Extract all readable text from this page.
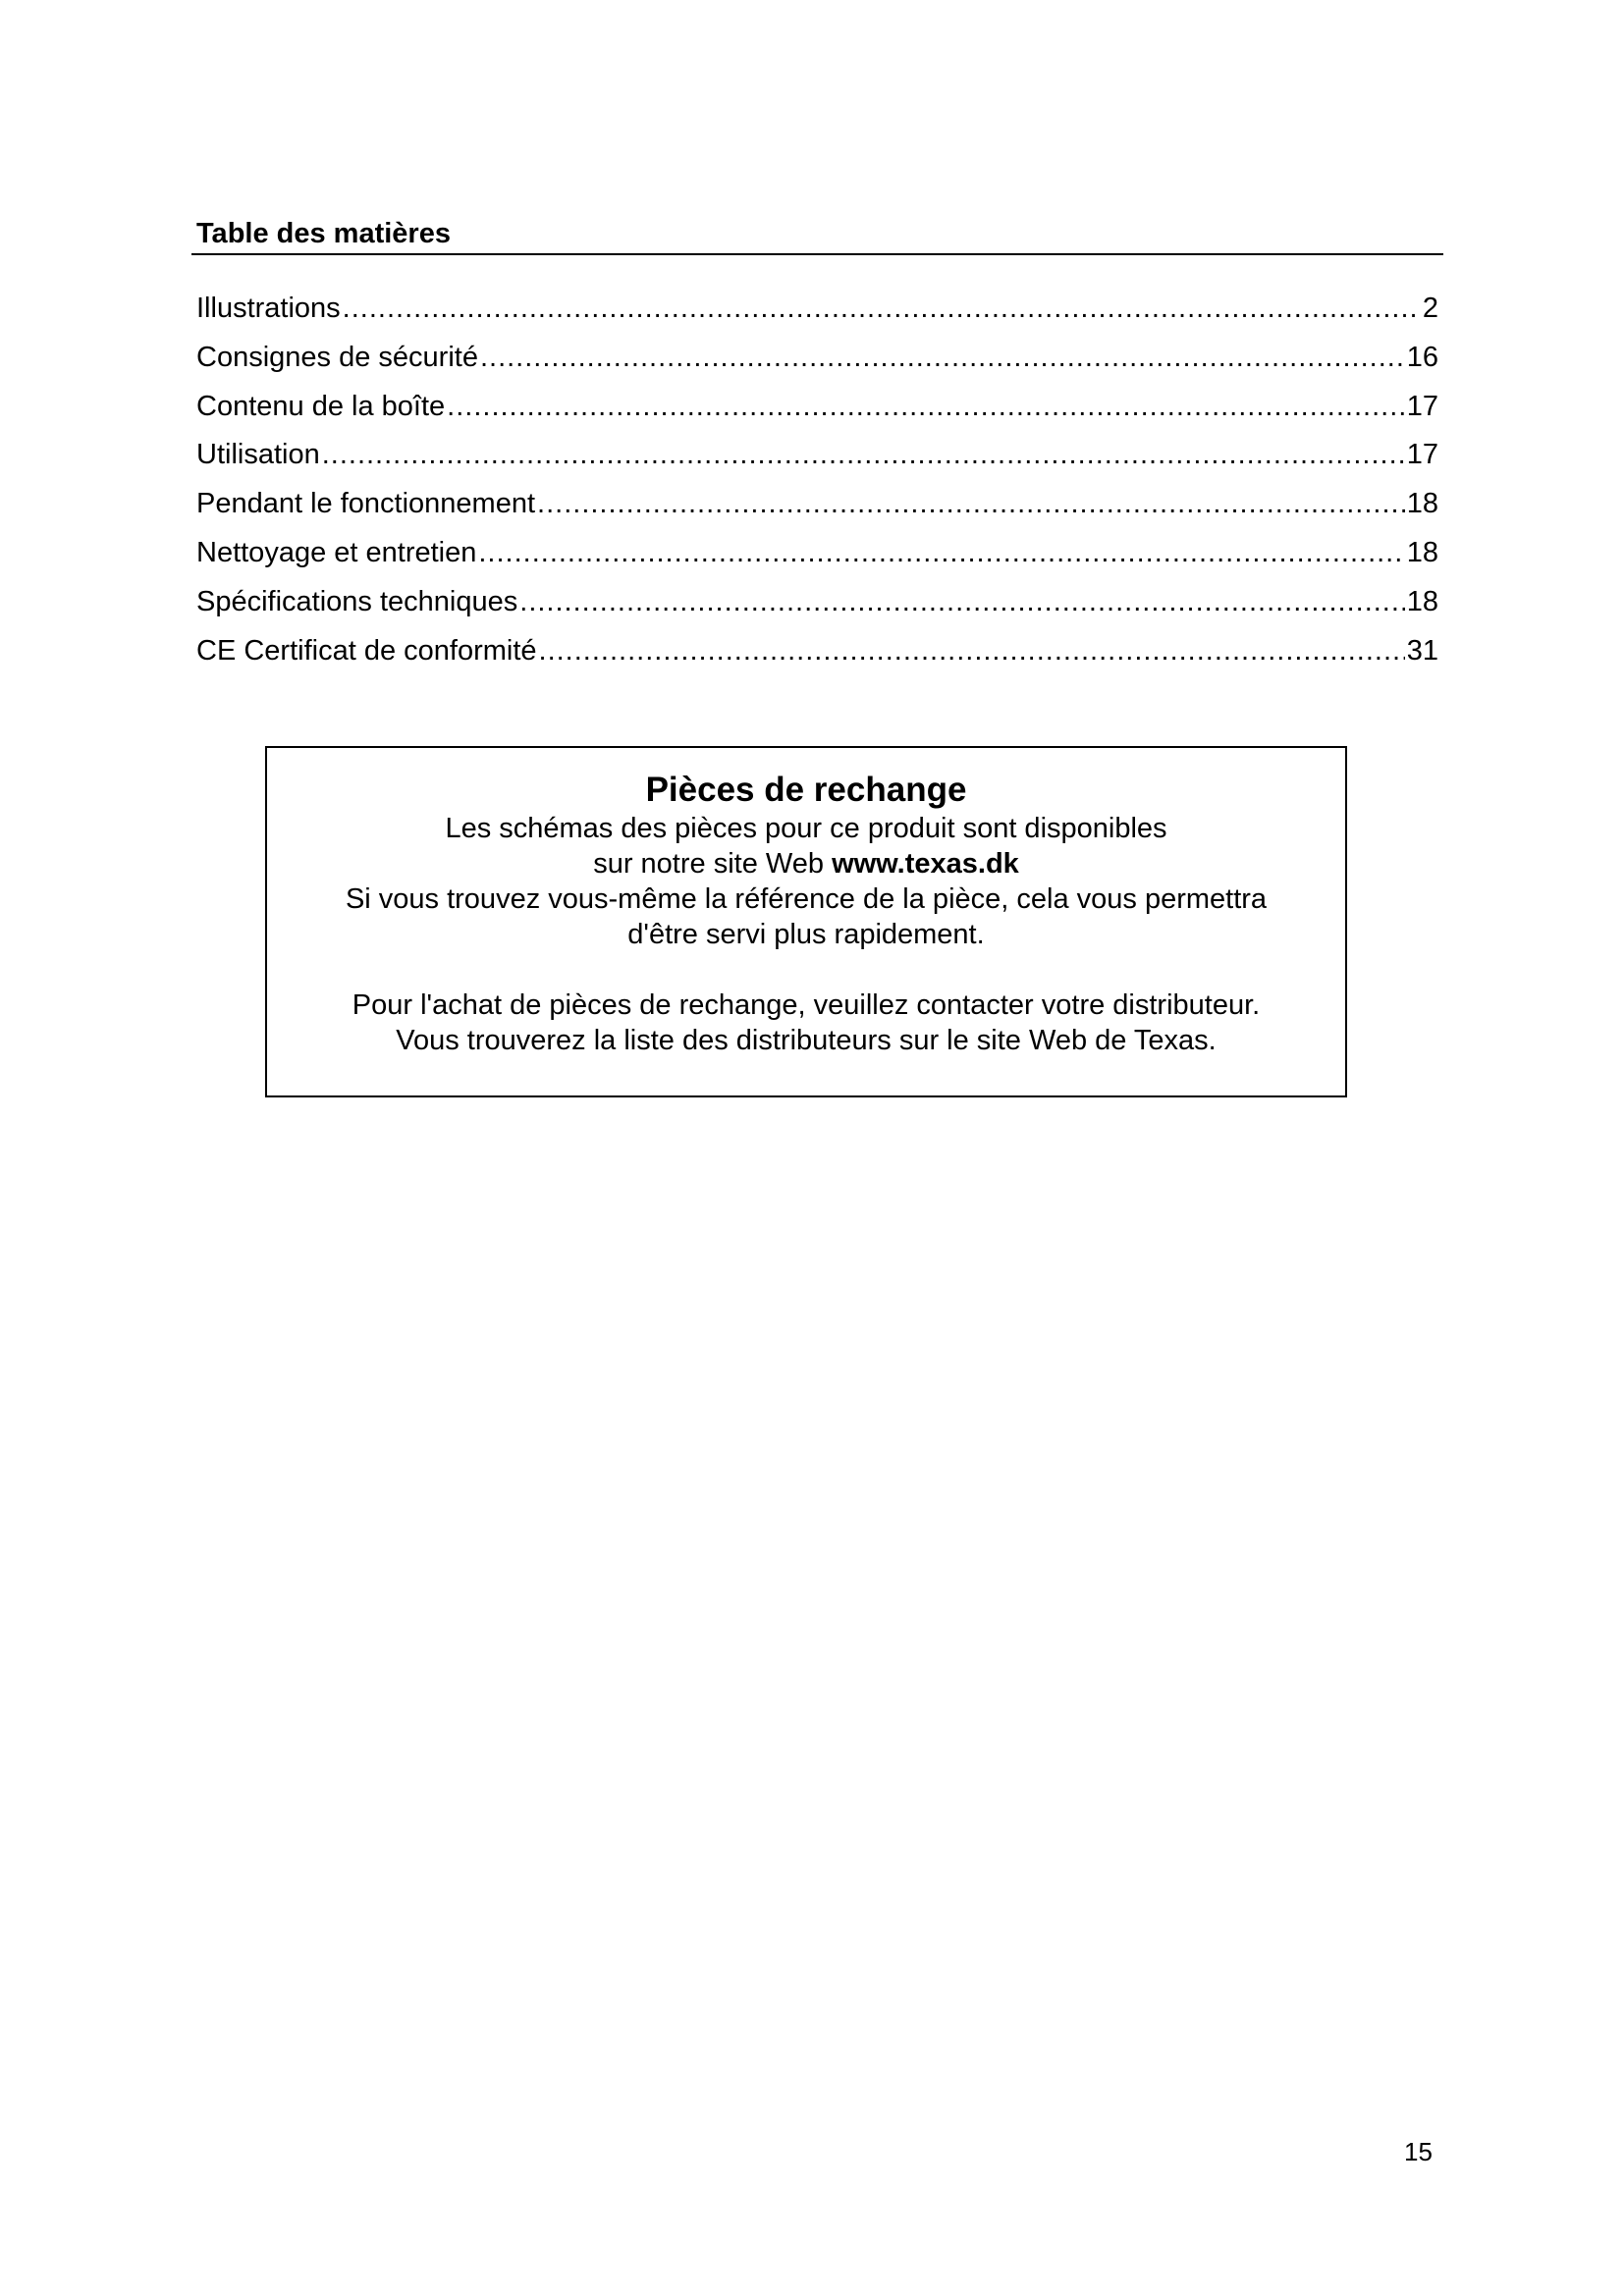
Table des matières
Illustrations .....	2
Consignes de sécurité .....	16
Contenu de la boîte .....	17
Utilisation .....	17
Pendant le fonctionnement .....	18
Nettoyage et entretien .....	18
Spécifications techniques .....	18
CE Certificat de conformité .....	31

Pièces de rechange

Les schémas des pièces pour ce produit sont disponibles

sur notre site Web www.texas.dk

Si vous trouvez vous-même la référence de la pièce, cela vous permettra

d'être servi plus rapidement.

Pour l'achat de pièces de rechange, veuillez contacter votre distributeur.

Vous trouverez la liste des distributeurs sur le site Web de Texas.

15
